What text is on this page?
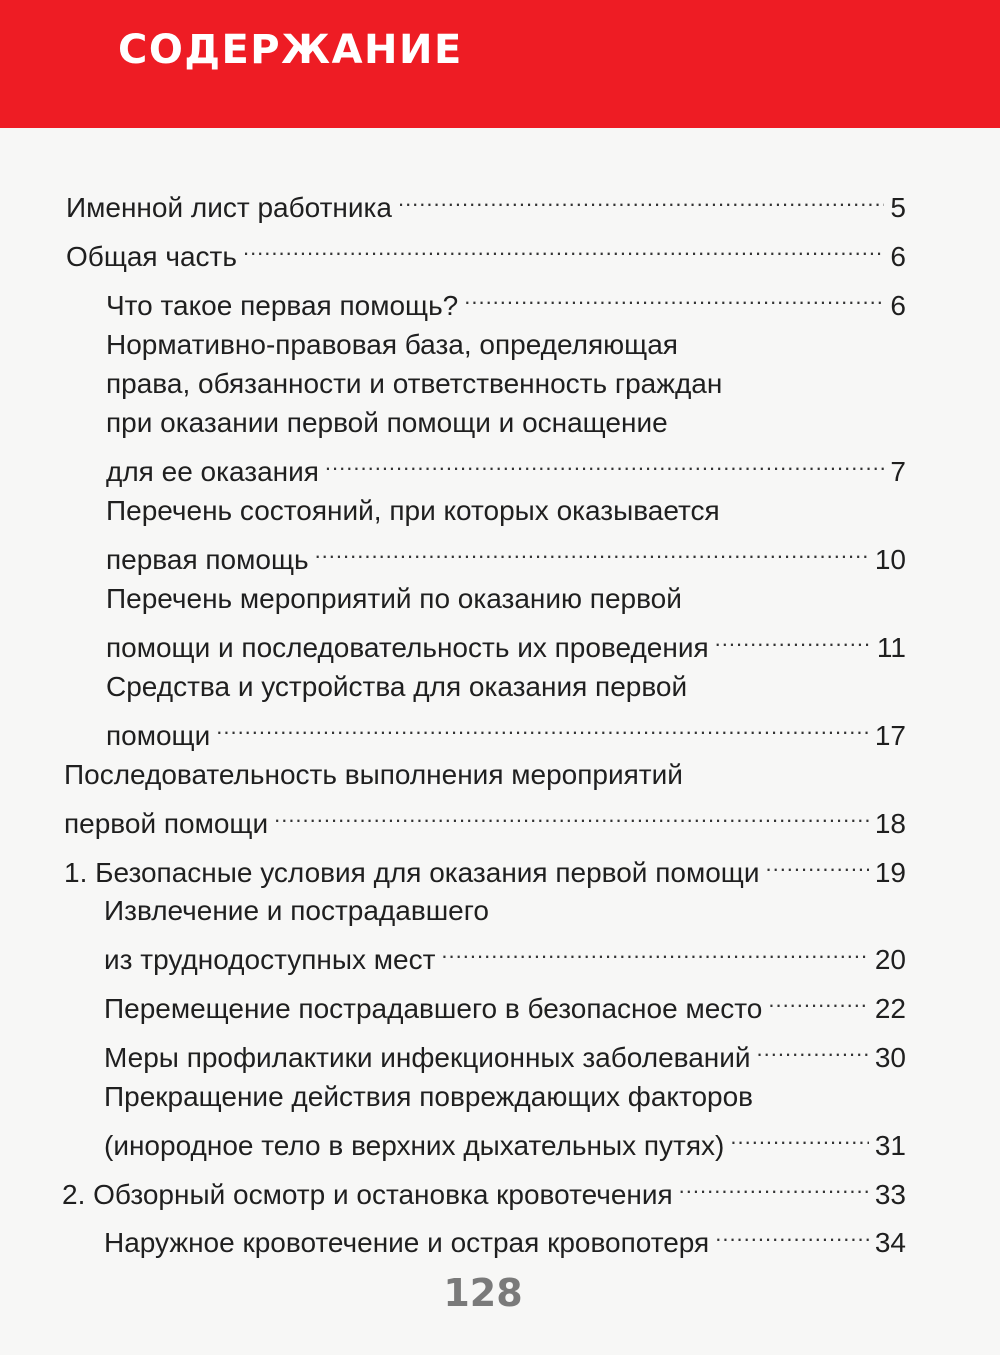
СОДЕРЖАНИЕ
Именной лист работника .....	5
Общая часть .....	6
Что такое первая помощь? .....	6
Нормативно-правовая база, определяющая
права, обязанности и ответственность граждан
при оказании первой помощи и оснащение
для ее оказания .....	7
Перечень состояний, при которых оказывается
первая помощь .....	10
Перечень мероприятий по оказанию первой
помощи и последовательность их проведения .....	11
Средства и устройства для оказания первой
помощи .....	17
Последовательность выполнения мероприятий
первой помощи .....	18
1. Безопасные условия для оказания первой помощи .....	19
Извлечение и пострадавшего
из труднодоступных мест .....	20
Перемещение пострадавшего в безопасное место .....	22
Меры профилактики инфекционных заболеваний .....	30
Прекращение действия повреждающих факторов
(инородное тело в верхних дыхательных путях) .....	31
2. Обзорный осмотр и остановка кровотечения .....	33
Наружное кровотечение и острая кровопотеря .....	34
128
